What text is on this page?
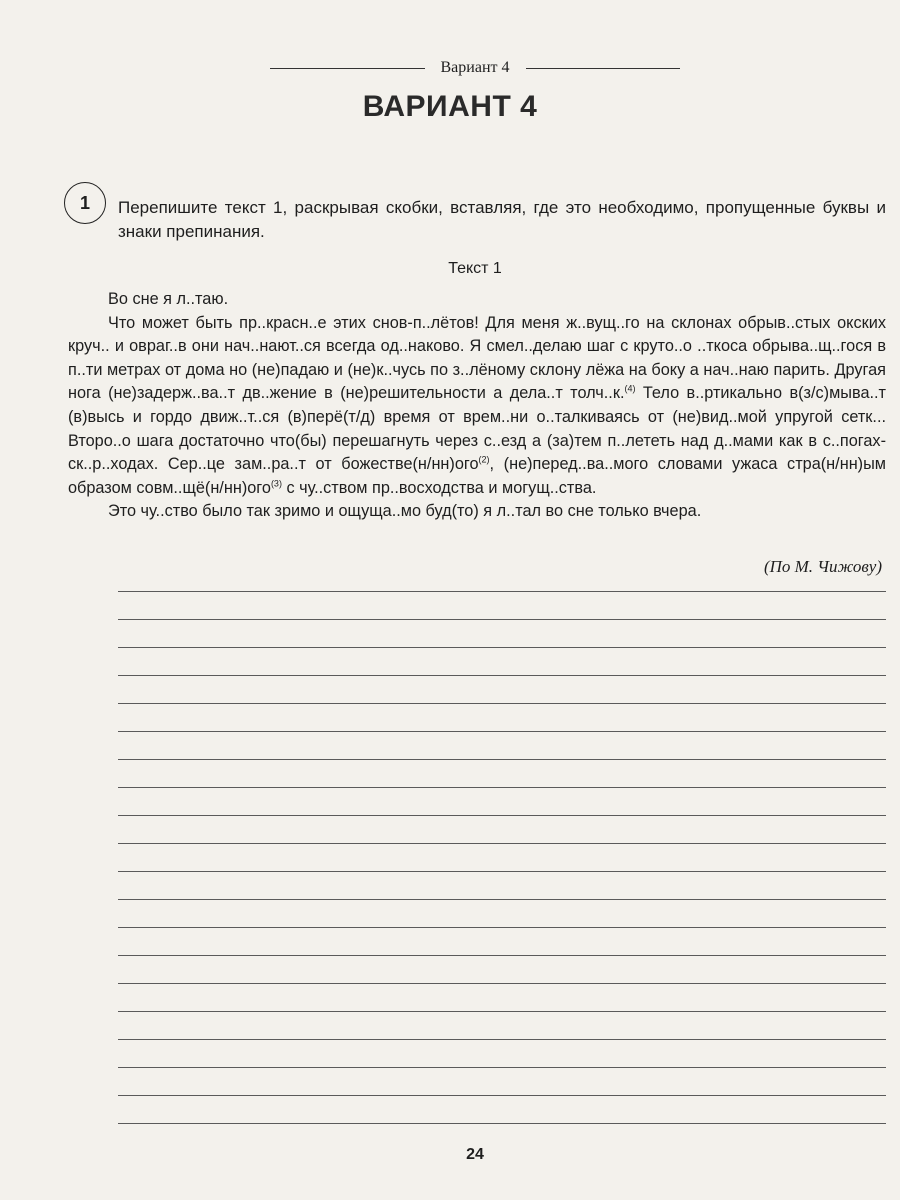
Вариант 4
ВАРИАНТ 4
1 Перепишите текст 1, раскрывая скобки, вставляя, где это необходимо, пропущенные буквы и знаки препинания.
Текст 1

Во сне я л..таю.

Что может быть пр..красн..е этих снов-п..лётов! Для меня ж..вущ..го на склонах обрыв..стых окских круч.. и овраг..в они нач..нают..ся всегда од..наково. Я смел..делаю шаг с круто..о ..ткоса обрыва..щ..гося в п..ти метрах от дома но (не)падаю и (не)к..чусь по з..лёному склону лёжа на боку а нач..наю парить. Другая нога (не)задерж..ва..т дв..жение в (не)решительности а дела..т толч..к.$^{(4)}$ Тело в..ртикально в(з/с)мыва..т (в)высь и гордо движ..т..ся (в)перё(т/д) время от врем..ни о..талкиваясь от (не)вид..мой упругой сетк... Второ..о шага достаточно что(бы) перешагнуть через с..езд а (за)тем п..лететь над д..мами как в с..погах-ск..р..ходах. Сер..це зам..ра..т от божестве(н/нн)ого$^{(2)}$, (не)перед..ва..мого словами ужаса стра(н/нн)ым образом совм..щё(н/нн)ого$^{(3)}$ с чу..ством пр..восходства и могущ..ства.

Это чу..ство было так зримо и ощуща..мо буд(то) я л..тал во сне только вчера.

(По М. Чижову)
24
